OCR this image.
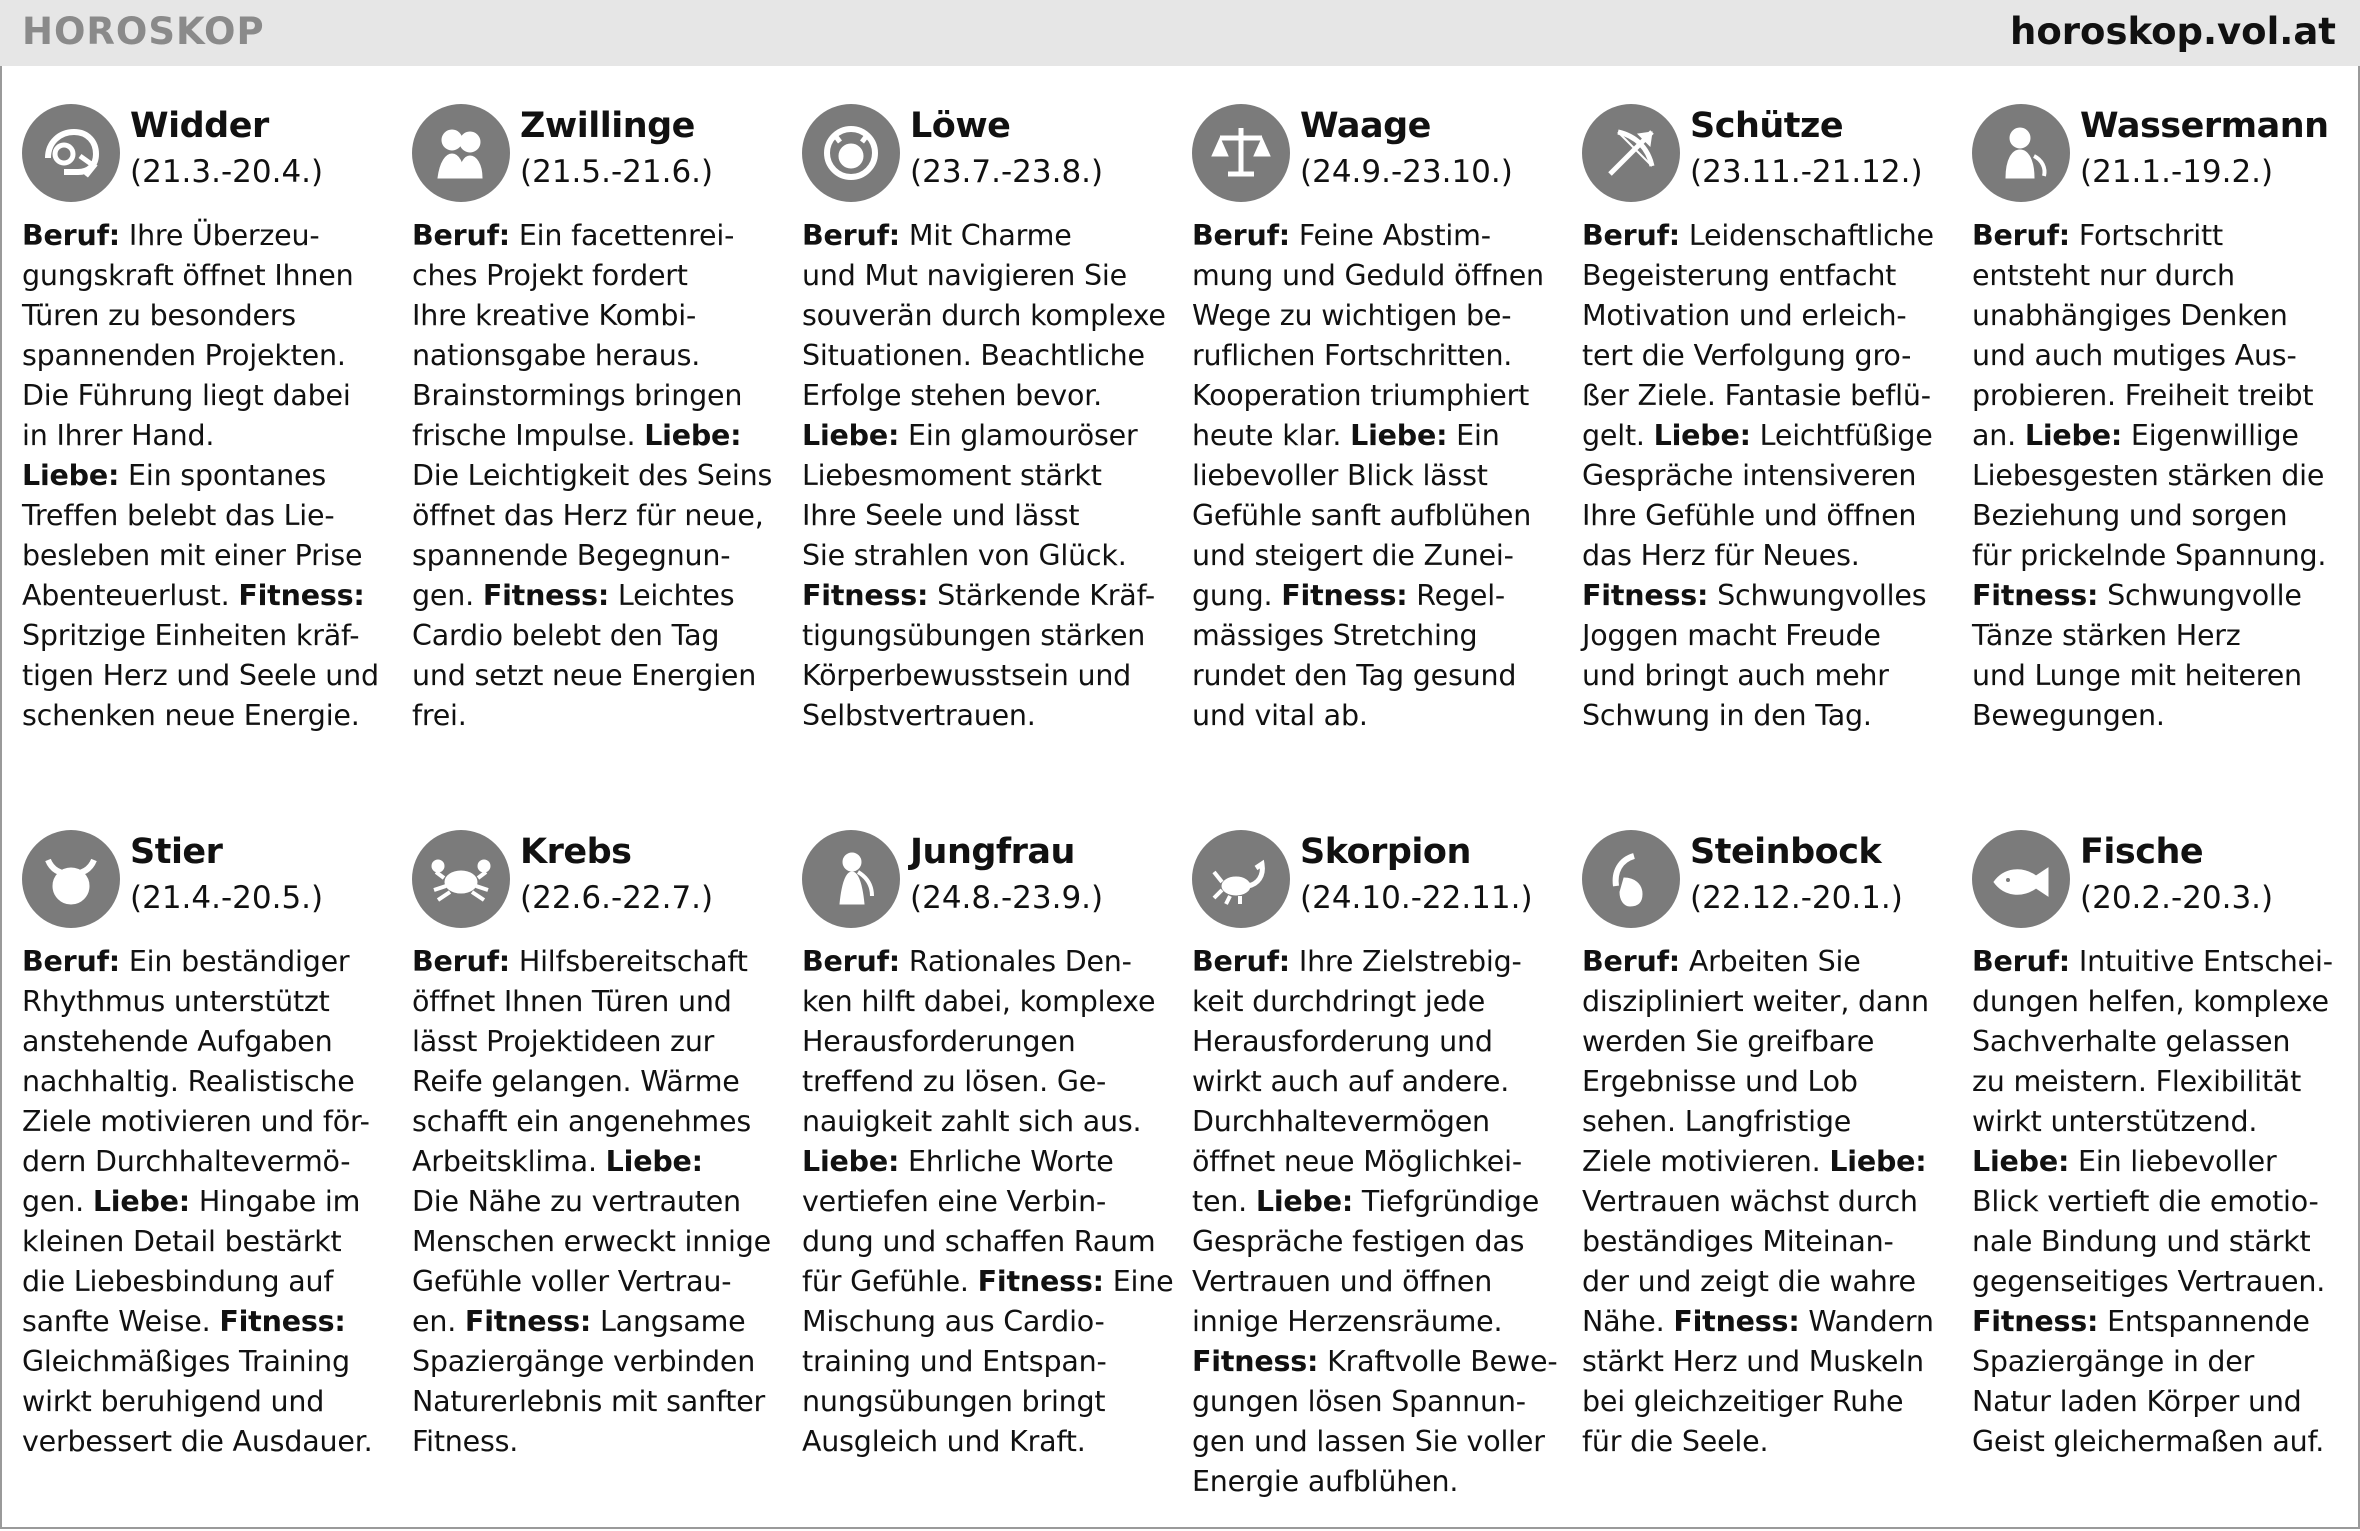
HOROSKOP	horoskop.vol.at
Widder
(21.3.-20.4.)
Beruf: Ihre Überzeu-
gungskraft öffnet Ihnen
Türen zu besonders
spannenden Projekten.
Die Führung liegt dabei
in Ihrer Hand.
Liebe: Ein spontanes
Treffen belebt das Lie-
besleben mit einer Prise
Abenteuerlust. Fitness:
Spritzige Einheiten kräf-
tigen Herz und Seele und
schenken neue Energie.
Zwillinge
(21.5.-21.6.)
Beruf: Ein facettenrei-
ches Projekt fordert
Ihre kreative Kombi-
nationsgabe heraus.
Brainstormings bringen
frische Impulse. Liebe:
Die Leichtigkeit des Seins
öffnet das Herz für neue,
spannende Begegnun-
gen. Fitness: Leichtes
Cardio belebt den Tag
und setzt neue Energien
frei.
Löwe
(23.7.-23.8.)
Beruf: Mit Charme
und Mut navigieren Sie
souverän durch komplexe
Situationen. Beachtliche
Erfolge stehen bevor.
Liebe: Ein glamouröser
Liebesmoment stärkt
Ihre Seele und lässt
Sie strahlen von Glück.
Fitness: Stärkende Kräf-
tigungsübungen stärken
Körperbewusstsein und
Selbstvertrauen.
Waage
(24.9.-23.10.)
Beruf: Feine Abstim-
mung und Geduld öffnen
Wege zu wichtigen be-
ruflichen Fortschritten.
Kooperation triumphiert
heute klar. Liebe: Ein
liebevoller Blick lässt
Gefühle sanft aufblühen
und steigert die Zunei-
gung. Fitness: Regel-
mässiges Stretching
rundet den Tag gesund
und vital ab.
Schütze
(23.11.-21.12.)
Beruf: Leidenschaftliche
Begeisterung entfacht
Motivation und erleich-
tert die Verfolgung gro-
ßer Ziele. Fantasie beflü-
gelt. Liebe: Leichtfüßige
Gespräche intensiveren
Ihre Gefühle und öffnen
das Herz für Neues.
Fitness: Schwungvolles
Joggen macht Freude
und bringt auch mehr
Schwung in den Tag.
Wassermann
(21.1.-19.2.)
Beruf: Fortschritt
entsteht nur durch
unabhängiges Denken
und auch mutiges Aus-
probieren. Freiheit treibt
an. Liebe: Eigenwillige
Liebesgesten stärken die
Beziehung und sorgen
für prickelnde Spannung.
Fitness: Schwungvolle
Tänze stärken Herz
und Lunge mit heiteren
Bewegungen.
Stier
(21.4.-20.5.)
Beruf: Ein beständiger
Rhythmus unterstützt
anstehende Aufgaben
nachhaltig. Realistische
Ziele motivieren und för-
dern Durchhaltevermö-
gen. Liebe: Hingabe im
kleinen Detail bestärkt
die Liebesbindung auf
sanfte Weise. Fitness:
Gleichmäßiges Training
wirkt beruhigend und
verbessert die Ausdauer.
Krebs
(22.6.-22.7.)
Beruf: Hilfsbereitschaft
öffnet Ihnen Türen und
lässt Projektideen zur
Reife gelangen. Wärme
schafft ein angenehmes
Arbeitsklima. Liebe:
Die Nähe zu vertrauten
Menschen erweckt innige
Gefühle voller Vertrau-
en. Fitness: Langsame
Spaziergänge verbinden
Naturerlebnis mit sanfter
Fitness.
Jungfrau
(24.8.-23.9.)
Beruf: Rationales Den-
ken hilft dabei, komplexe
Herausforderungen
treffend zu lösen. Ge-
nauigkeit zahlt sich aus.
Liebe: Ehrliche Worte
vertiefen eine Verbin-
dung und schaffen Raum
für Gefühle. Fitness: Eine
Mischung aus Cardio-
training und Entspan-
nungsübungen bringt
Ausgleich und Kraft.
Skorpion
(24.10.-22.11.)
Beruf: Ihre Zielstrebig-
keit durchdringt jede
Herausforderung und
wirkt auch auf andere.
Durchhaltevermögen
öffnet neue Möglichkei-
ten. Liebe: Tiefgründige
Gespräche festigen das
Vertrauen und öffnen
innige Herzensräume.
Fitness: Kraftvolle Bewe-
gungen lösen Spannun-
gen und lassen Sie voller
Energie aufblühen.
Steinbock
(22.12.-20.1.)
Beruf: Arbeiten Sie
diszipliniert weiter, dann
werden Sie greifbare
Ergebnisse und Lob
sehen. Langfristige
Ziele motivieren. Liebe:
Vertrauen wächst durch
beständiges Miteinan-
der und zeigt die wahre
Nähe. Fitness: Wandern
stärkt Herz und Muskeln
bei gleichzeitiger Ruhe
für die Seele.
Fische
(20.2.-20.3.)
Beruf: Intuitive Entschei-
dungen helfen, komplexe
Sachverhalte gelassen
zu meistern. Flexibilität
wirkt unterstützend.
Liebe: Ein liebevoller
Blick vertieft die emotio-
nale Bindung und stärkt
gegenseitiges Vertrauen.
Fitness: Entspannende
Spaziergänge in der
Natur laden Körper und
Geist gleichermaßen auf.
